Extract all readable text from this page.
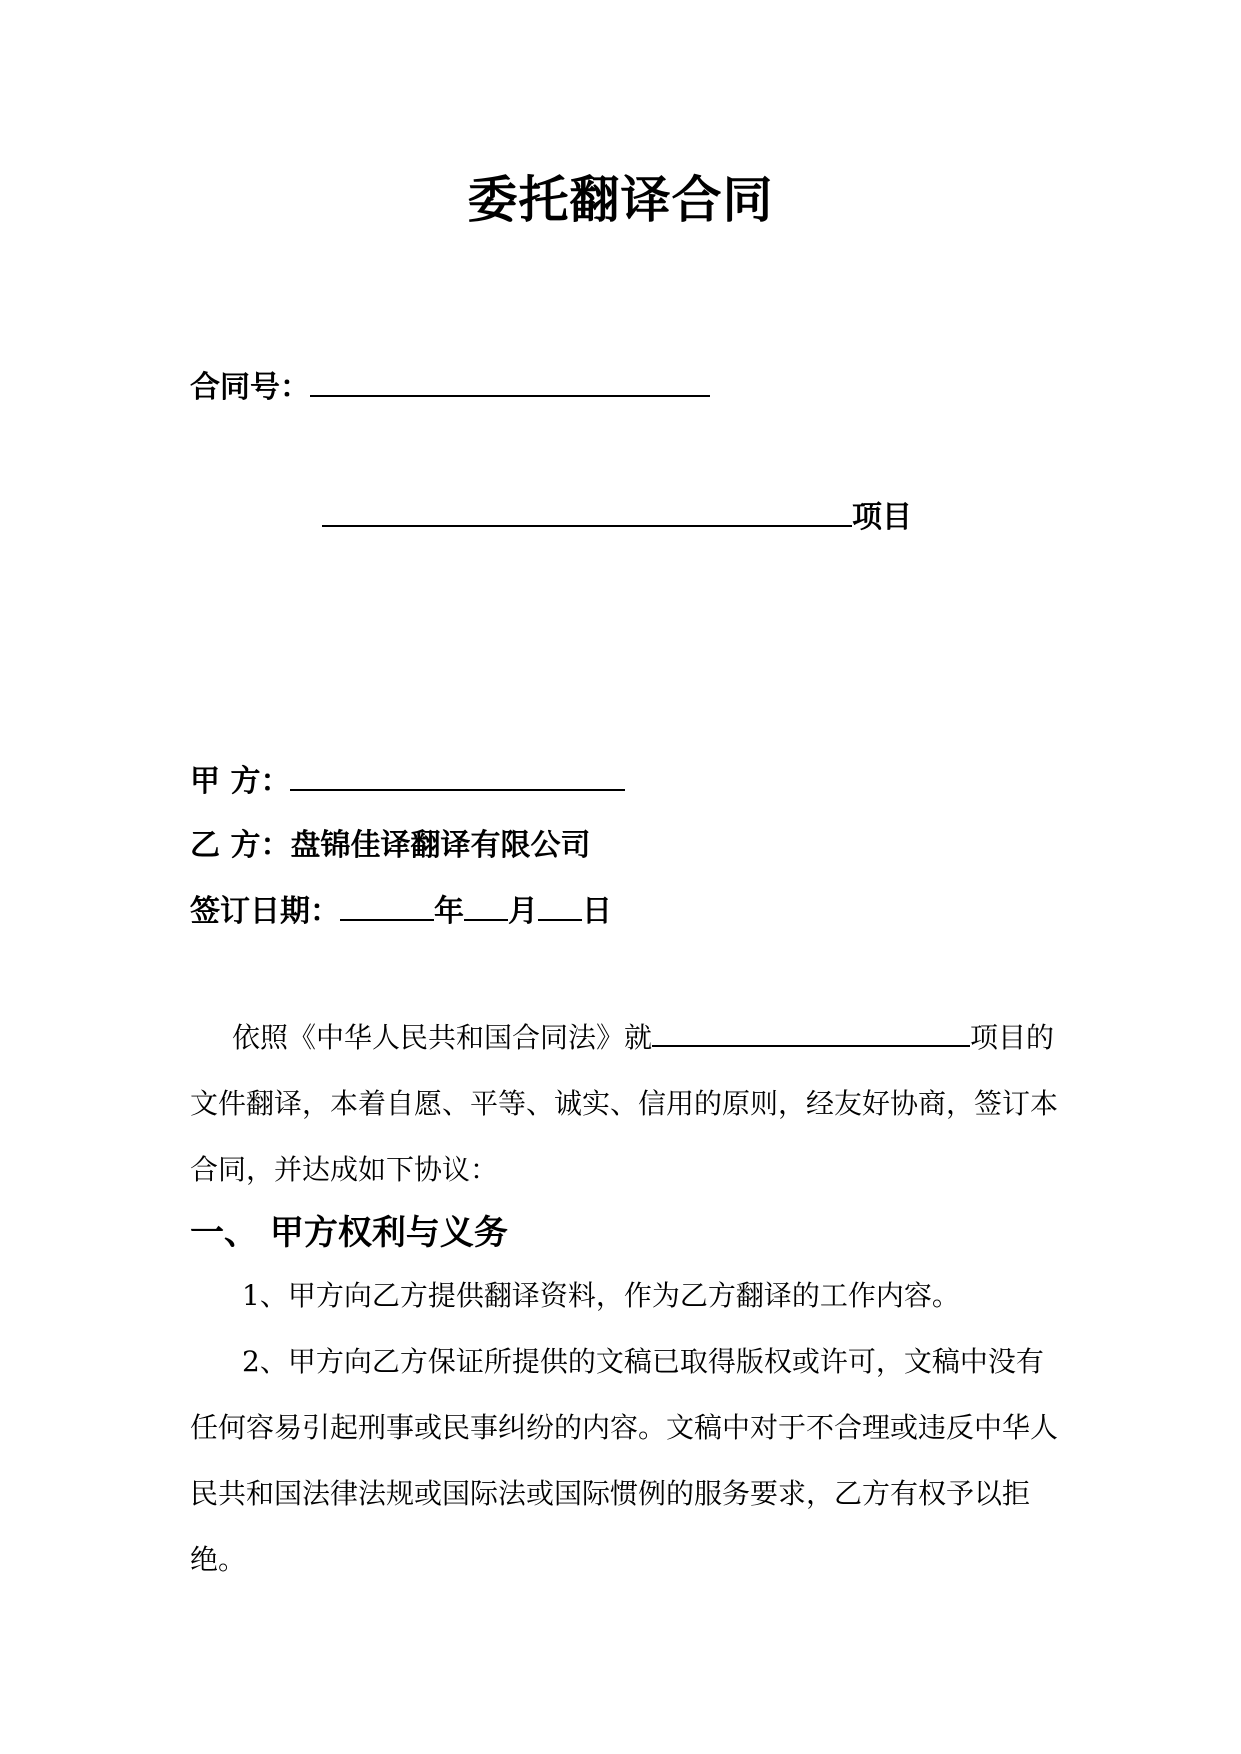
委托翻译合同
合同号：
项目
甲 方：
乙 方：盘锦佳译翻译有限公司
签订日期：	年 月 日

依照《中华人民共和国合同法》就	项目的文件翻译，本着自愿、平等、诚实、信用的原则，经友好协商，签订本合同，并达成如下协议：

一、 甲方权利与义务

1、甲方向乙方提供翻译资料，作为乙方翻译的工作内容。

2、甲方向乙方保证所提供的文稿已取得版权或许可，文稿中没有任何容易引起刑事或民事纠纷的内容。文稿中对于不合理或违反中华人民共和国法律法规或国际法或国际惯例的服务要求，乙方有权予以拒绝。
